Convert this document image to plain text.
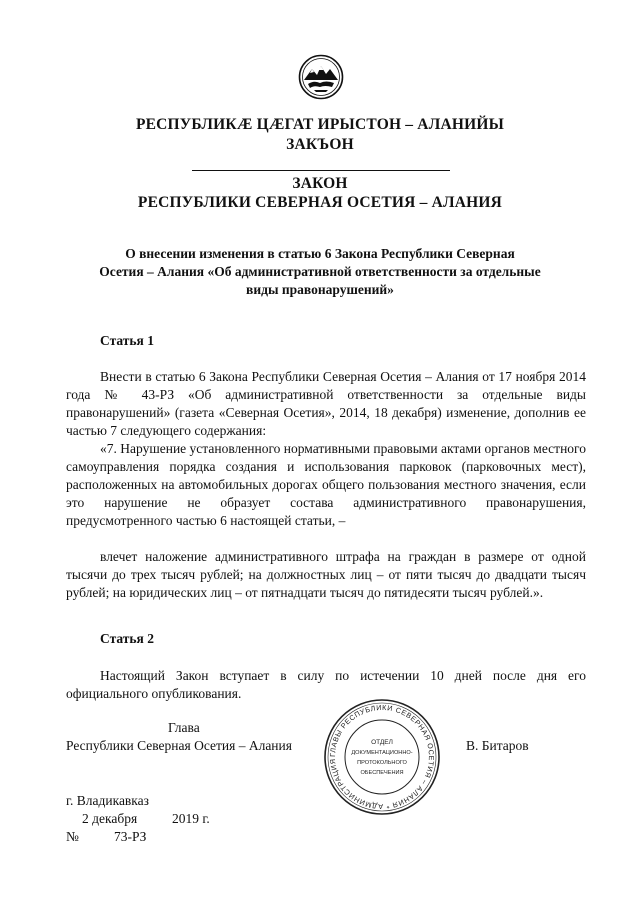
РЕСПУБЛИКӔ ЦӔГАТ ИРЫСТОН – АЛАНИЙЫ
ЗАКЪОН
ЗАКОН
РЕСПУБЛИКИ СЕВЕРНАЯ ОСЕТИЯ – АЛАНИЯ
О внесении изменения в статью 6 Закона Республики Северная
Осетия – Алания «Об административной ответственности за отдельные
виды правонарушений»
Статья 1
Внести в статью 6 Закона Республики Северная Осетия – Алания от 17 ноября 2014 года № 43-РЗ «Об административной ответственности за отдельные виды правонарушений» (газета «Северная Осетия», 2014, 18 декабря) изменение, дополнив ее частью 7 следующего содержания:
«7. Нарушение установленного нормативными правовыми актами органов местного самоуправления порядка создания и использования парковок (парковочных мест), расположенных на автомобильных дорогах общего пользования местного значения, если это нарушение не образует состава административного правонарушения, предусмотренного частью 6 настоящей статьи, –
влечет наложение административного штрафа на граждан в размере от одной тысячи до трех тысяч рублей; на должностных лиц – от пяти тысяч до двадцати тысяч рублей; на юридических лиц – от пятнадцати тысяч до пятидесяти тысяч рублей.».
Статья 2
Настоящий Закон вступает в силу по истечении 10 дней после дня его официального опубликования.
Глава
Республики Северная Осетия – Алания	В. Битаров
ГЛАВЫ РЕСПУБЛИКИ СЕВЕРНАЯ ОСЕТИЯ – АЛАНИЯ * АДМИНИСТРАЦИЯ
ОТДЕЛ
ДОКУМЕНТАЦИОННО-
ПРОТОКОЛЬНОГО
ОБЕСПЕЧЕНИЯ
г. Владикавказ
2 декабря	2019 г.
№	73-РЗ
